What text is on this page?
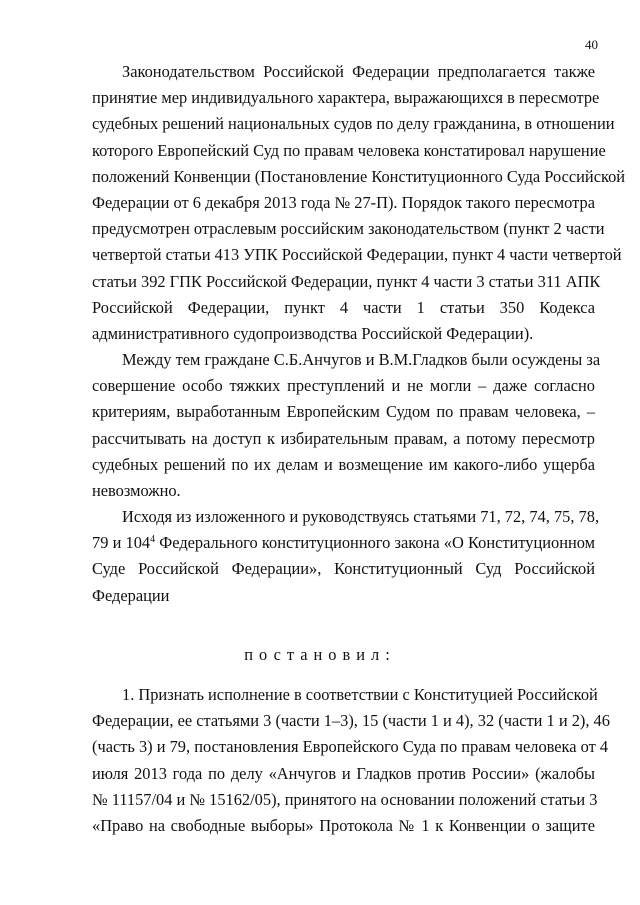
40
Законодательством Российской Федерации предполагается также
принятие мер индивидуального характера, выражающихся в пересмотре
судебных решений национальных судов по делу гражданина, в отношении
которого Европейский Суд по правам человека констатировал нарушение
положений Конвенции (Постановление Конституционного Суда Российской
Федерации от 6 декабря 2013 года № 27-П). Порядок такого пересмотра
предусмотрен отраслевым российским законодательством (пункт 2 части
четвертой статьи 413 УПК Российской Федерации, пункт 4 части четвертой
статьи 392 ГПК Российской Федерации, пункт 4 части 3 статьи 311 АПК
Российской Федерации, пункт 4 части 1 статьи 350 Кодекса
административного судопроизводства Российской Федерации).
Между тем граждане С.Б.Анчугов и В.М.Гладков были осуждены за
совершение особо тяжких преступлений и не могли – даже согласно
критериям, выработанным Европейским Судом по правам человека, –
рассчитывать на доступ к избирательным правам, а потому пересмотр
судебных решений по их делам и возмещение им какого-либо ущерба
невозможно.
Исходя из изложенного и руководствуясь статьями 71, 72, 74, 75, 78,
79 и $104^4$ Федерального конституционного закона «О Конституционном
Суде Российской Федерации», Конституционный Суд Российской
Федерации
постановил:
1. Признать исполнение в соответствии с Конституцией Российской
Федерации, ее статьями 3 (части 1–3), 15 (части 1 и 4), 32 (части 1 и 2), 46
(часть 3) и 79, постановления Европейского Суда по правам человека от 4
июля 2013 года по делу «Анчугов и Гладков против России» (жалобы
№ 11157/04 и № 15162/05), принятого на основании положений статьи 3
«Право на свободные выборы» Протокола № 1 к Конвенции о защите
